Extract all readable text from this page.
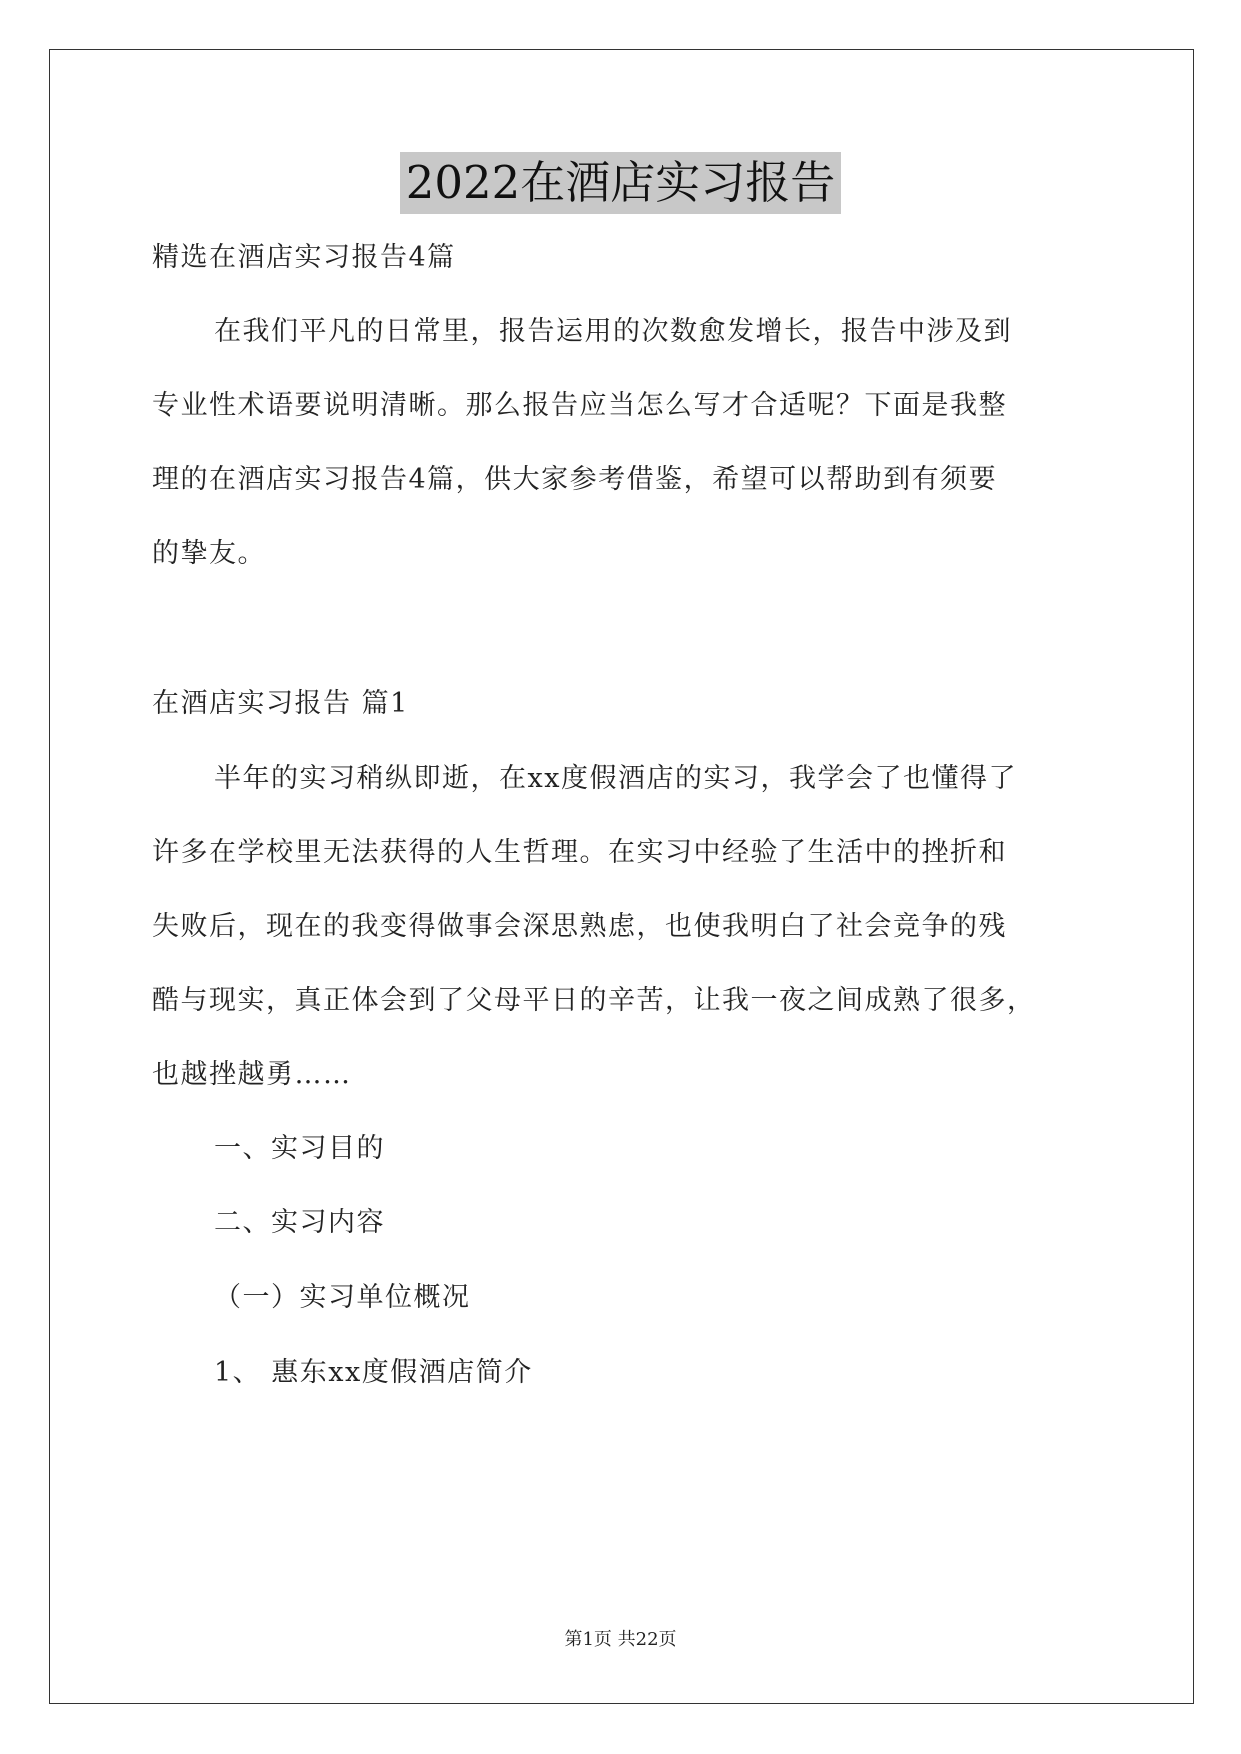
2022在酒店实习报告
精选在酒店实习报告4篇
在我们平凡的日常里，报告运用的次数愈发增长，报告中涉及到
专业性术语要说明清晰。那么报告应当怎么写才合适呢？下面是我整
理的在酒店实习报告4篇，供大家参考借鉴，希望可以帮助到有须要
的挚友。
在酒店实习报告 篇1
半年的实习稍纵即逝，在xx度假酒店的实习，我学会了也懂得了
许多在学校里无法获得的人生哲理。在实习中经验了生活中的挫折和
失败后，现在的我变得做事会深思熟虑，也使我明白了社会竞争的残
酷与现实，真正体会到了父母平日的辛苦，让我一夜之间成熟了很多，
也越挫越勇……
一、实习目的
二、实习内容
（一）实习单位概况
1、 惠东xx度假酒店简介
第1页 共22页
